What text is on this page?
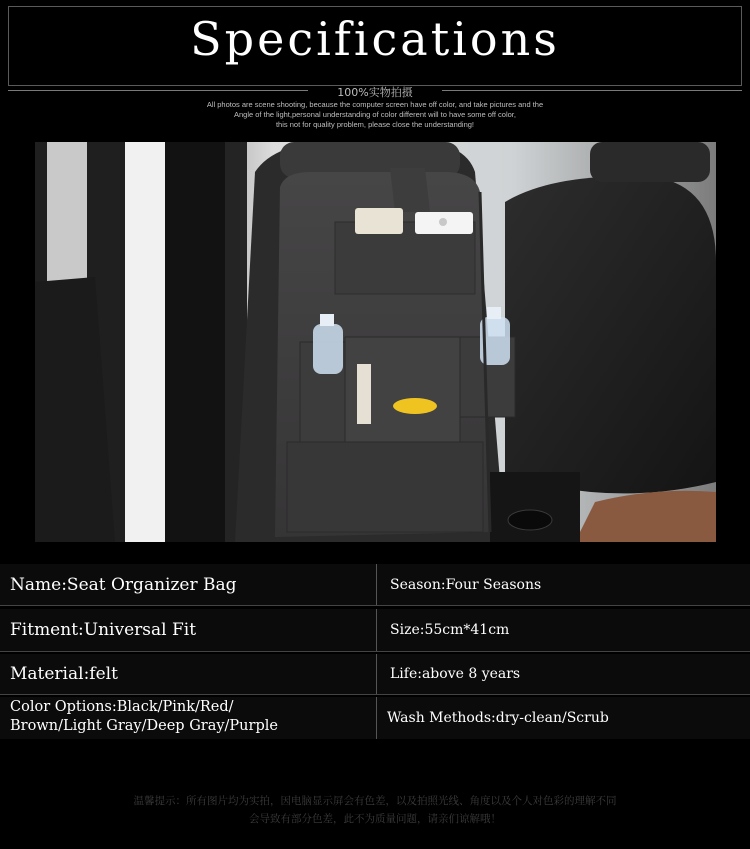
Specifications
100%实物拍摄
All photos are scene shooting, because the computer screen have off color, and take pictures and the
Angle of the light,personal understanding of color different will to have some off color,
this not for quality problem, please close the understanding!
Name:Seat Organizer Bag	Season:Four Seasons
Fitment:Universal Fit	Size:55cm*41cm
Material:felt	Life:above 8 years
Color Options:Black/Pink/Red/
Brown/Light Gray/Deep Gray/Purple	Wash Methods:dry-clean/Scrub
温馨提示：所有图片均为实拍，因电脑显示屏会有色差，以及拍照光线、角度以及个人对色彩的理解不同
会导致有部分色差，此不为质量问题，请亲们谅解哦！
